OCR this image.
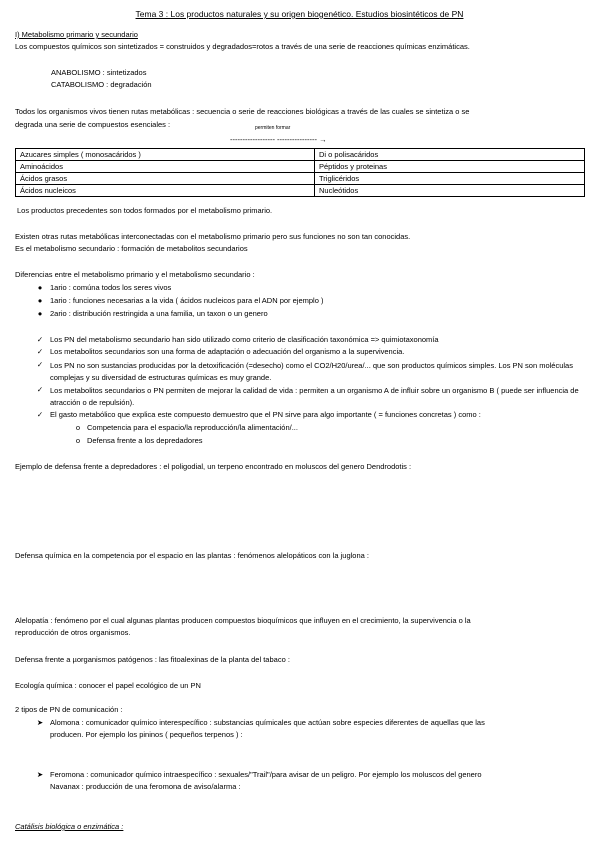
Tema 3 : Los productos naturales y su origen biogenético. Estudios biosintéticos de PN
I) Metabolismo primario y secundario
Los compuestos químicos son sintetizados = construidos y degradados=rotos a través de una serie de reacciones químicas enzimáticas.
ANABOLISMO : sintetizados
CATABOLISMO : degradación
Todos los organismos vivos tienen rutas metabólicas : secuencia o serie de reacciones biológicas a través de las cuales se sintetiza o se
degrada una serie de compuestos esenciales :	permiten formar
------------------ ---------------- →
Azucares simples ( monosacáridos )	Di o polisacáridos
Aminoácidos	Péptidos y proteinas
Ácidos grasos	Triglicéridos
Ácidos nucleicos	Nucleótidos
Los productos precedentes son todos formados por el metabolismo primario.
Existen otras rutas metabólicas interconectadas con el metabolismo primario pero sus funciones no son tan conocidas.
Es el metabolismo secundario : formación de metabolitos secundarios
Diferencias entre el metabolismo primario y el metabolismo secundario :
●	1ario : comúna todos los seres vivos
●	1ario : funciones necesarias a la vida ( ácidos nucleicos para el ADN por ejemplo )
●	2ario : distribución restringida a una familia, un taxon o un genero
✓ Los PN del metabolismo secundario han sido utilizado como criterio de clasificación taxonómica => quimiotaxonomía
✓ Los metabolitos secundarios son una forma de adaptación o adecuación del organismo a la supervivencia.
✓ Los PN no son sustancias producidas por la detoxificación (=desecho) como el CO2/H20/urea/... que son productos químicos simples. Los PN son moléculas complejas y su diversidad de estructuras químicas es muy grande.
✓ Los metabolitos secundarios o PN permiten de mejorar la calidad de vida : permiten a un organismo A de influir sobre un organismo B ( puede ser influencia de atracción o de repulsión).
✓ El gasto metabólico que explica este compuesto demuestro que el PN sirve para algo importante ( = funciones concretas ) como :
o Competencia para el espacio/la reproducción/la alimentación/...
o Defensa frente a los depredadores
Ejemplo de defensa frente a depredadores : el poligodial, un terpeno encontrado en moluscos del genero Dendrodotis :
Defensa química en la competencia por el espacio en las plantas : fenómenos alelopáticos con la juglona :
Alelopatía : fenómeno por el cual algunas plantas producen compuestos bioquímicos que influyen en el crecimiento, la supervivencia o la
reproducción de otros organismos.
Defensa frente a µorganismos patógenos : las fitoalexinas de la planta del tabaco :
Ecología química : conocer el papel ecológico de un PN
2 tipos de PN de comunicación :
➤ Alomona : comunicador químico interespecífico : substancias químicales que actúan sobre especies diferentes de aquellas que las
producen. Por ejemplo los pininos ( pequeños terpenos ) :
➤ Feromona : comunicador químico intraespecífico : sexuales/"Trail"/para avisar de un peligro. Por ejemplo los moluscos del genero
Navanax : producción de una feromona de aviso/alarma :
Catálisis biológica o enzimática :
